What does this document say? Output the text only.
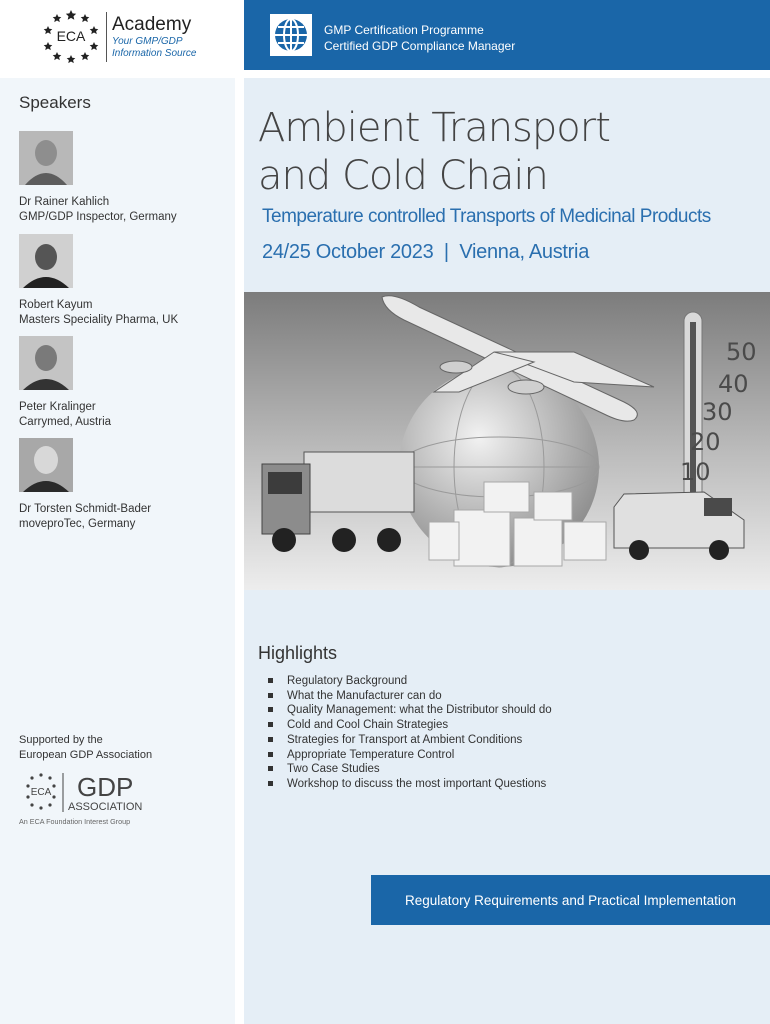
ECA
Academy
Your GMP/GDP
Information Source
GMP Certification Programme
Certified GDP Compliance Manager
Speakers
Dr Rainer Kahlich
GMP/GDP Inspector, Germany
Robert Kayum
Masters Speciality Pharma, UK
Peter Kralinger
Carrymed, Austria
Dr Torsten Schmidt-Bader
moveproTec, Germany
Supported by the
European GDP Association
ECA GDP
ASSOCIATION
An ECA Foundation Interest Group
Ambient Transport
and Cold Chain
Temperature controlled Transports of Medicinal Products
24/25 October 2023  |  Vienna, Austria
50
40
30
20
10
Highlights
Regulatory Background
What the Manufacturer can do
Quality Management: what the Distributor should do
Cold and Cool Chain Strategies
Strategies for Transport at Ambient Conditions
Appropriate Temperature Control
Two Case Studies
Workshop to discuss the most important Questions
Regulatory Requirements and Practical Implementation
